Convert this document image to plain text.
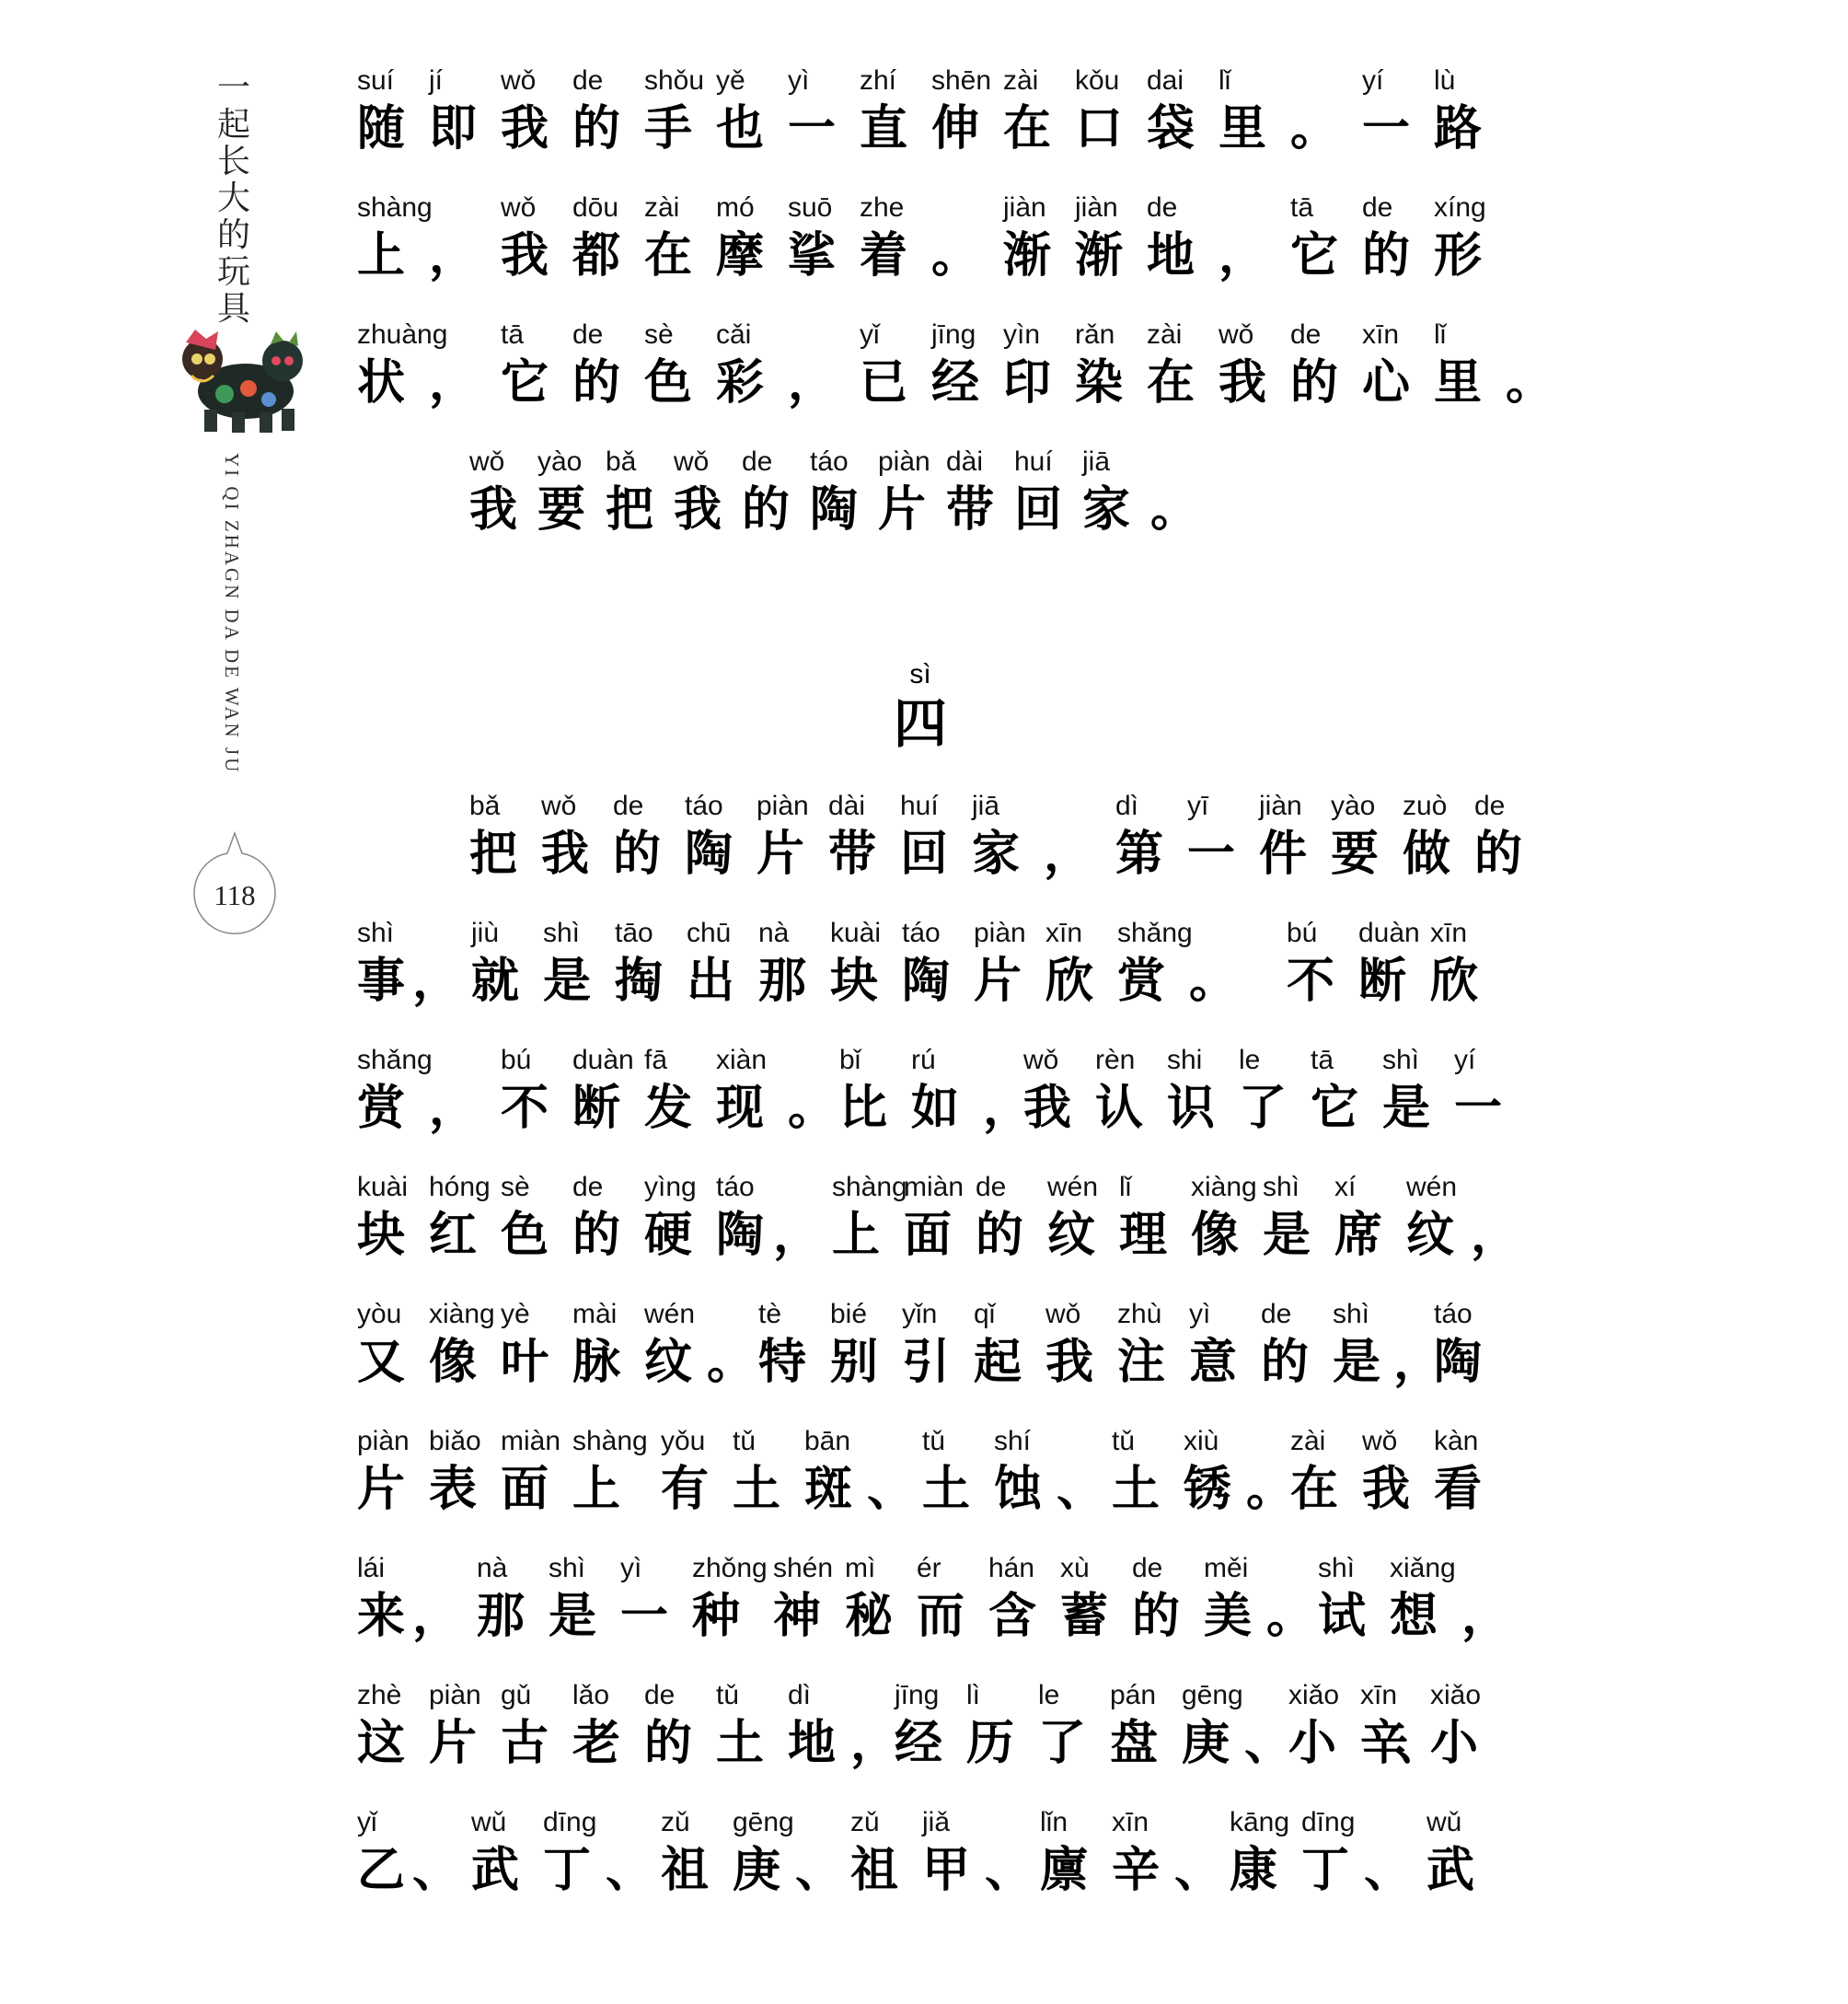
一
起
长
大
的
玩
具
YI QI ZHAGN DA DE WAN JU
118
sì
四
suí
随
jí
即
wǒ
我
de
的
shǒu
手
yě
也
yì
一
zhí
直
shēn
伸
zài
在
kǒu
口
dai
袋
lǐ
里 。
yí
一
lù
路
shàng
上 ，
wǒ
我
dōu
都
zài
在
mó
摩
suō
挲
zhe
着 。
jiàn
渐
jiàn
渐
de
地 ，
tā
它
de
的
xíng
形
zhuàng
状 ，
tā
它
de
的
sè
色
cǎi
彩 ，
yǐ
已
jīng
经
yìn
印
rǎn
染
zài
在
wǒ
我
de
的
xīn
心
lǐ
里 。
wǒ
我
yào
要
bǎ
把
wǒ
我
de
的
táo
陶
piàn
片
dài
带
huí
回
jiā
家 。
bǎ
把
wǒ
我
de
的
táo
陶
piàn
片
dài
带
huí
回
jiā
家 ，
dì
第
yī
一
jiàn
件
yào
要
zuò
做
de
的
shì
事 ，
jiù
就
shì
是
tāo
掏
chū
出
nà
那
kuài
块
táo
陶
piàn
片
xīn
欣
shǎng
赏 。
bú
不
duàn
断
xīn
欣
shǎng
赏 ，
bú
不
duàn
断
fā
发
xiàn
现 。
bǐ
比
rú
如 ，
wǒ
我
rèn
认
shi
识
le
了
tā
它
shì
是
yí
一
kuài
块
hóng
红
sè
色
de
的
yìng
硬
táo
陶 ，
shàng
上
miàn
面
de
的
wén
纹
lǐ
理
xiàng
像
shì
是
xí
席
wén
纹 ，
yòu
又
xiàng
像
yè
叶
mài
脉
wén
纹 。
tè
特
bié
别
yǐn
引
qǐ
起
wǒ
我
zhù
注
yì
意
de
的
shì
是 ，
táo
陶
piàn
片
biǎo
表
miàn
面
shàng
上
yǒu
有
tǔ
土
bān
斑 、
tǔ
土
shí
蚀 、
tǔ
土
xiù
锈 。
zài
在
wǒ
我
kàn
看
lái
来 ，
nà
那
shì
是
yì
一
zhǒng
种
shén
神
mì
秘
ér
而
hán
含
xù
蓄
de
的
měi
美 。
shì
试
xiǎng
想 ，
zhè
这
piàn
片
gǔ
古
lǎo
老
de
的
tǔ
土
dì
地 ，
jīng
经
lì
历
le
了
pán
盘
gēng
庚 、
xiǎo
小
xīn
辛
、
xiǎo
小
yǐ
乙 、
wǔ
武
dīng
丁 、
zǔ
祖
gēng
庚 、
zǔ
祖
jiǎ
甲 、
lǐn
廪
xīn
辛 、
kāng
康
dīng
丁 、
wǔ
武
